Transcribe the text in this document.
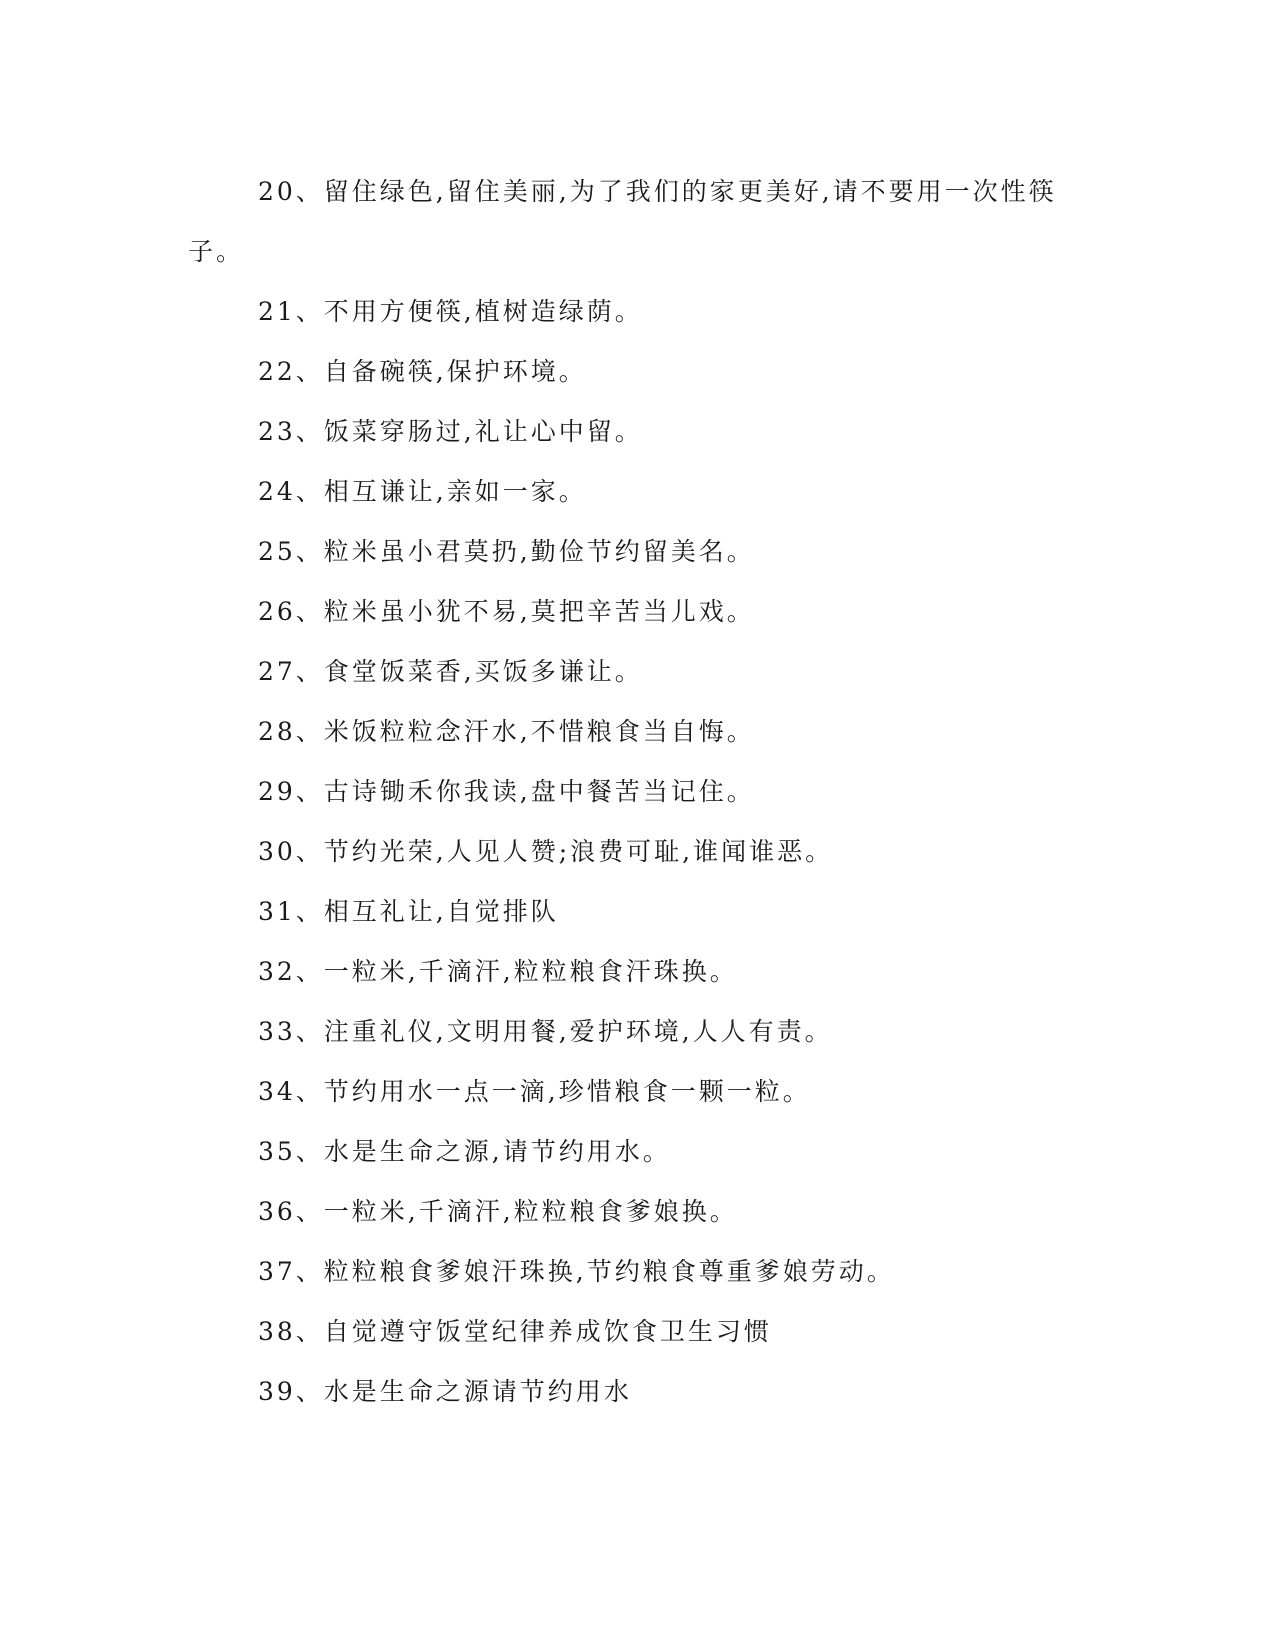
20、留住绿色,留住美丽,为了我们的家更美好,请不要用一次性筷子。

21、不用方便筷,植树造绿荫。

22、自备碗筷,保护环境。

23、饭菜穿肠过,礼让心中留。

24、相互谦让,亲如一家。

25、粒米虽小君莫扔,勤俭节约留美名。

26、粒米虽小犹不易,莫把辛苦当儿戏。

27、食堂饭菜香,买饭多谦让。

28、米饭粒粒念汗水,不惜粮食当自悔。

29、古诗锄禾你我读,盘中餐苦当记住。

30、节约光荣,人见人赞;浪费可耻,谁闻谁恶。

31、相互礼让,自觉排队

32、一粒米,千滴汗,粒粒粮食汗珠换。

33、注重礼仪,文明用餐,爱护环境,人人有责。

34、节约用水一点一滴,珍惜粮食一颗一粒。

35、水是生命之源,请节约用水。

36、一粒米,千滴汗,粒粒粮食爹娘换。

37、粒粒粮食爹娘汗珠换,节约粮食尊重爹娘劳动。

38、自觉遵守饭堂纪律养成饮食卫生习惯

39、水是生命之源请节约用水
